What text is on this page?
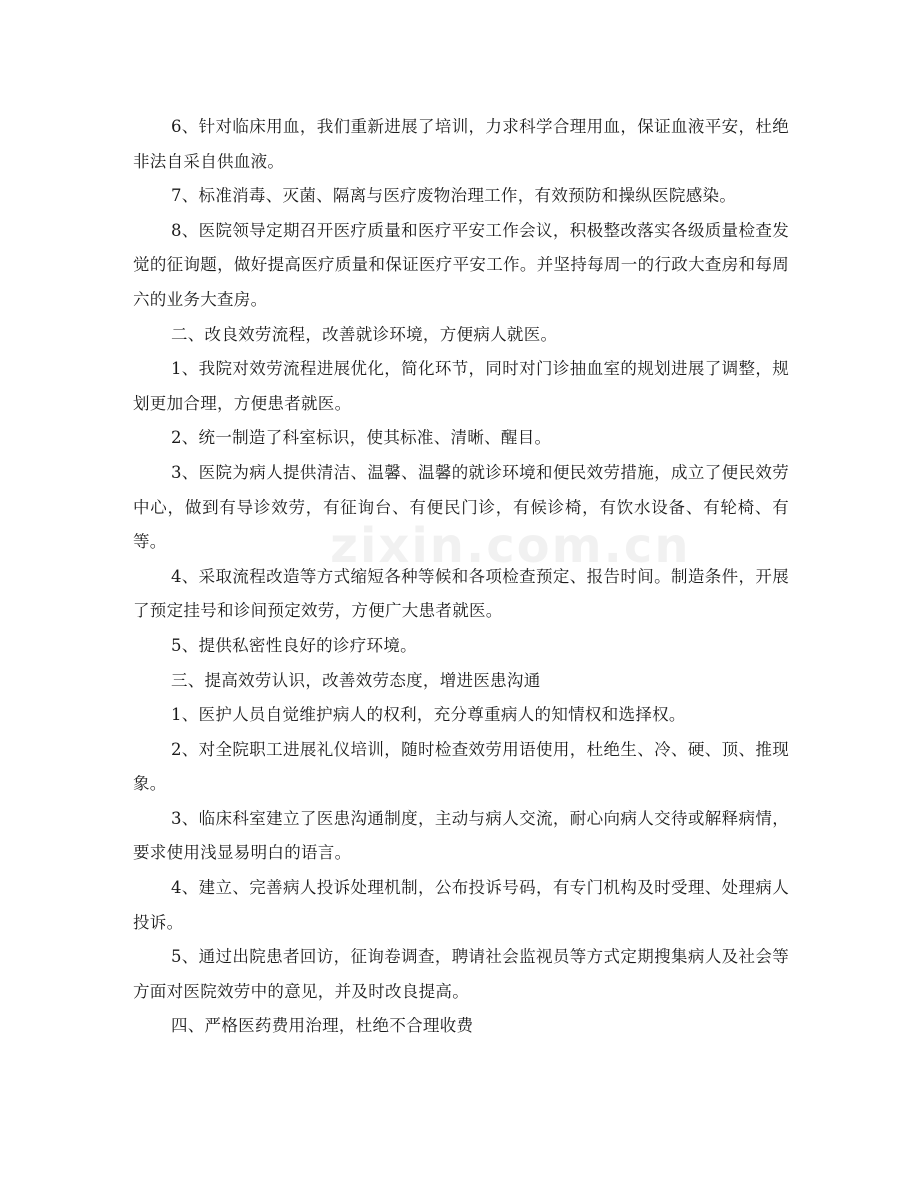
6、针对临床用血，我们重新进展了培训，力求科学合理用血，保证血液平安，杜绝非法自采自供血液。

7、标准消毒、灭菌、隔离与医疗废物治理工作，有效预防和操纵医院感染。

8、医院领导定期召开医疗质量和医疗平安工作会议，积极整改落实各级质量检查发觉的征询题，做好提高医疗质量和保证医疗平安工作。并坚持每周一的行政大查房和每周六的业务大查房。

二、改良效劳流程，改善就诊环境，方便病人就医。

1、我院对效劳流程进展优化，简化环节，同时对门诊抽血室的规划进展了调整，规划更加合理，方便患者就医。

2、统一制造了科室标识，使其标准、清晰、醒目。

3、医院为病人提供清洁、温馨、温馨的就诊环境和便民效劳措施，成立了便民效劳中心，做到有导诊效劳，有征询台、有便民门诊，有候诊椅，有饮水设备、有轮椅、有等。

4、采取流程改造等方式缩短各种等候和各项检查预定、报告时间。制造条件，开展了预定挂号和诊间预定效劳，方便广大患者就医。

5、提供私密性良好的诊疗环境。

三、提高效劳认识，改善效劳态度，增进医患沟通

1、医护人员自觉维护病人的权利，充分尊重病人的知情权和选择权。

2、对全院职工进展礼仪培训，随时检查效劳用语使用，杜绝生、冷、硬、顶、推现象。

3、临床科室建立了医患沟通制度，主动与病人交流，耐心向病人交待或解释病情，要求使用浅显易明白的语言。

4、建立、完善病人投诉处理机制，公布投诉号码，有专门机构及时受理、处理病人投诉。

5、通过出院患者回访，征询卷调查，聘请社会监视员等方式定期搜集病人及社会等方面对医院效劳中的意见，并及时改良提高。

四、严格医药费用治理，杜绝不合理收费

zixin.com.cn
